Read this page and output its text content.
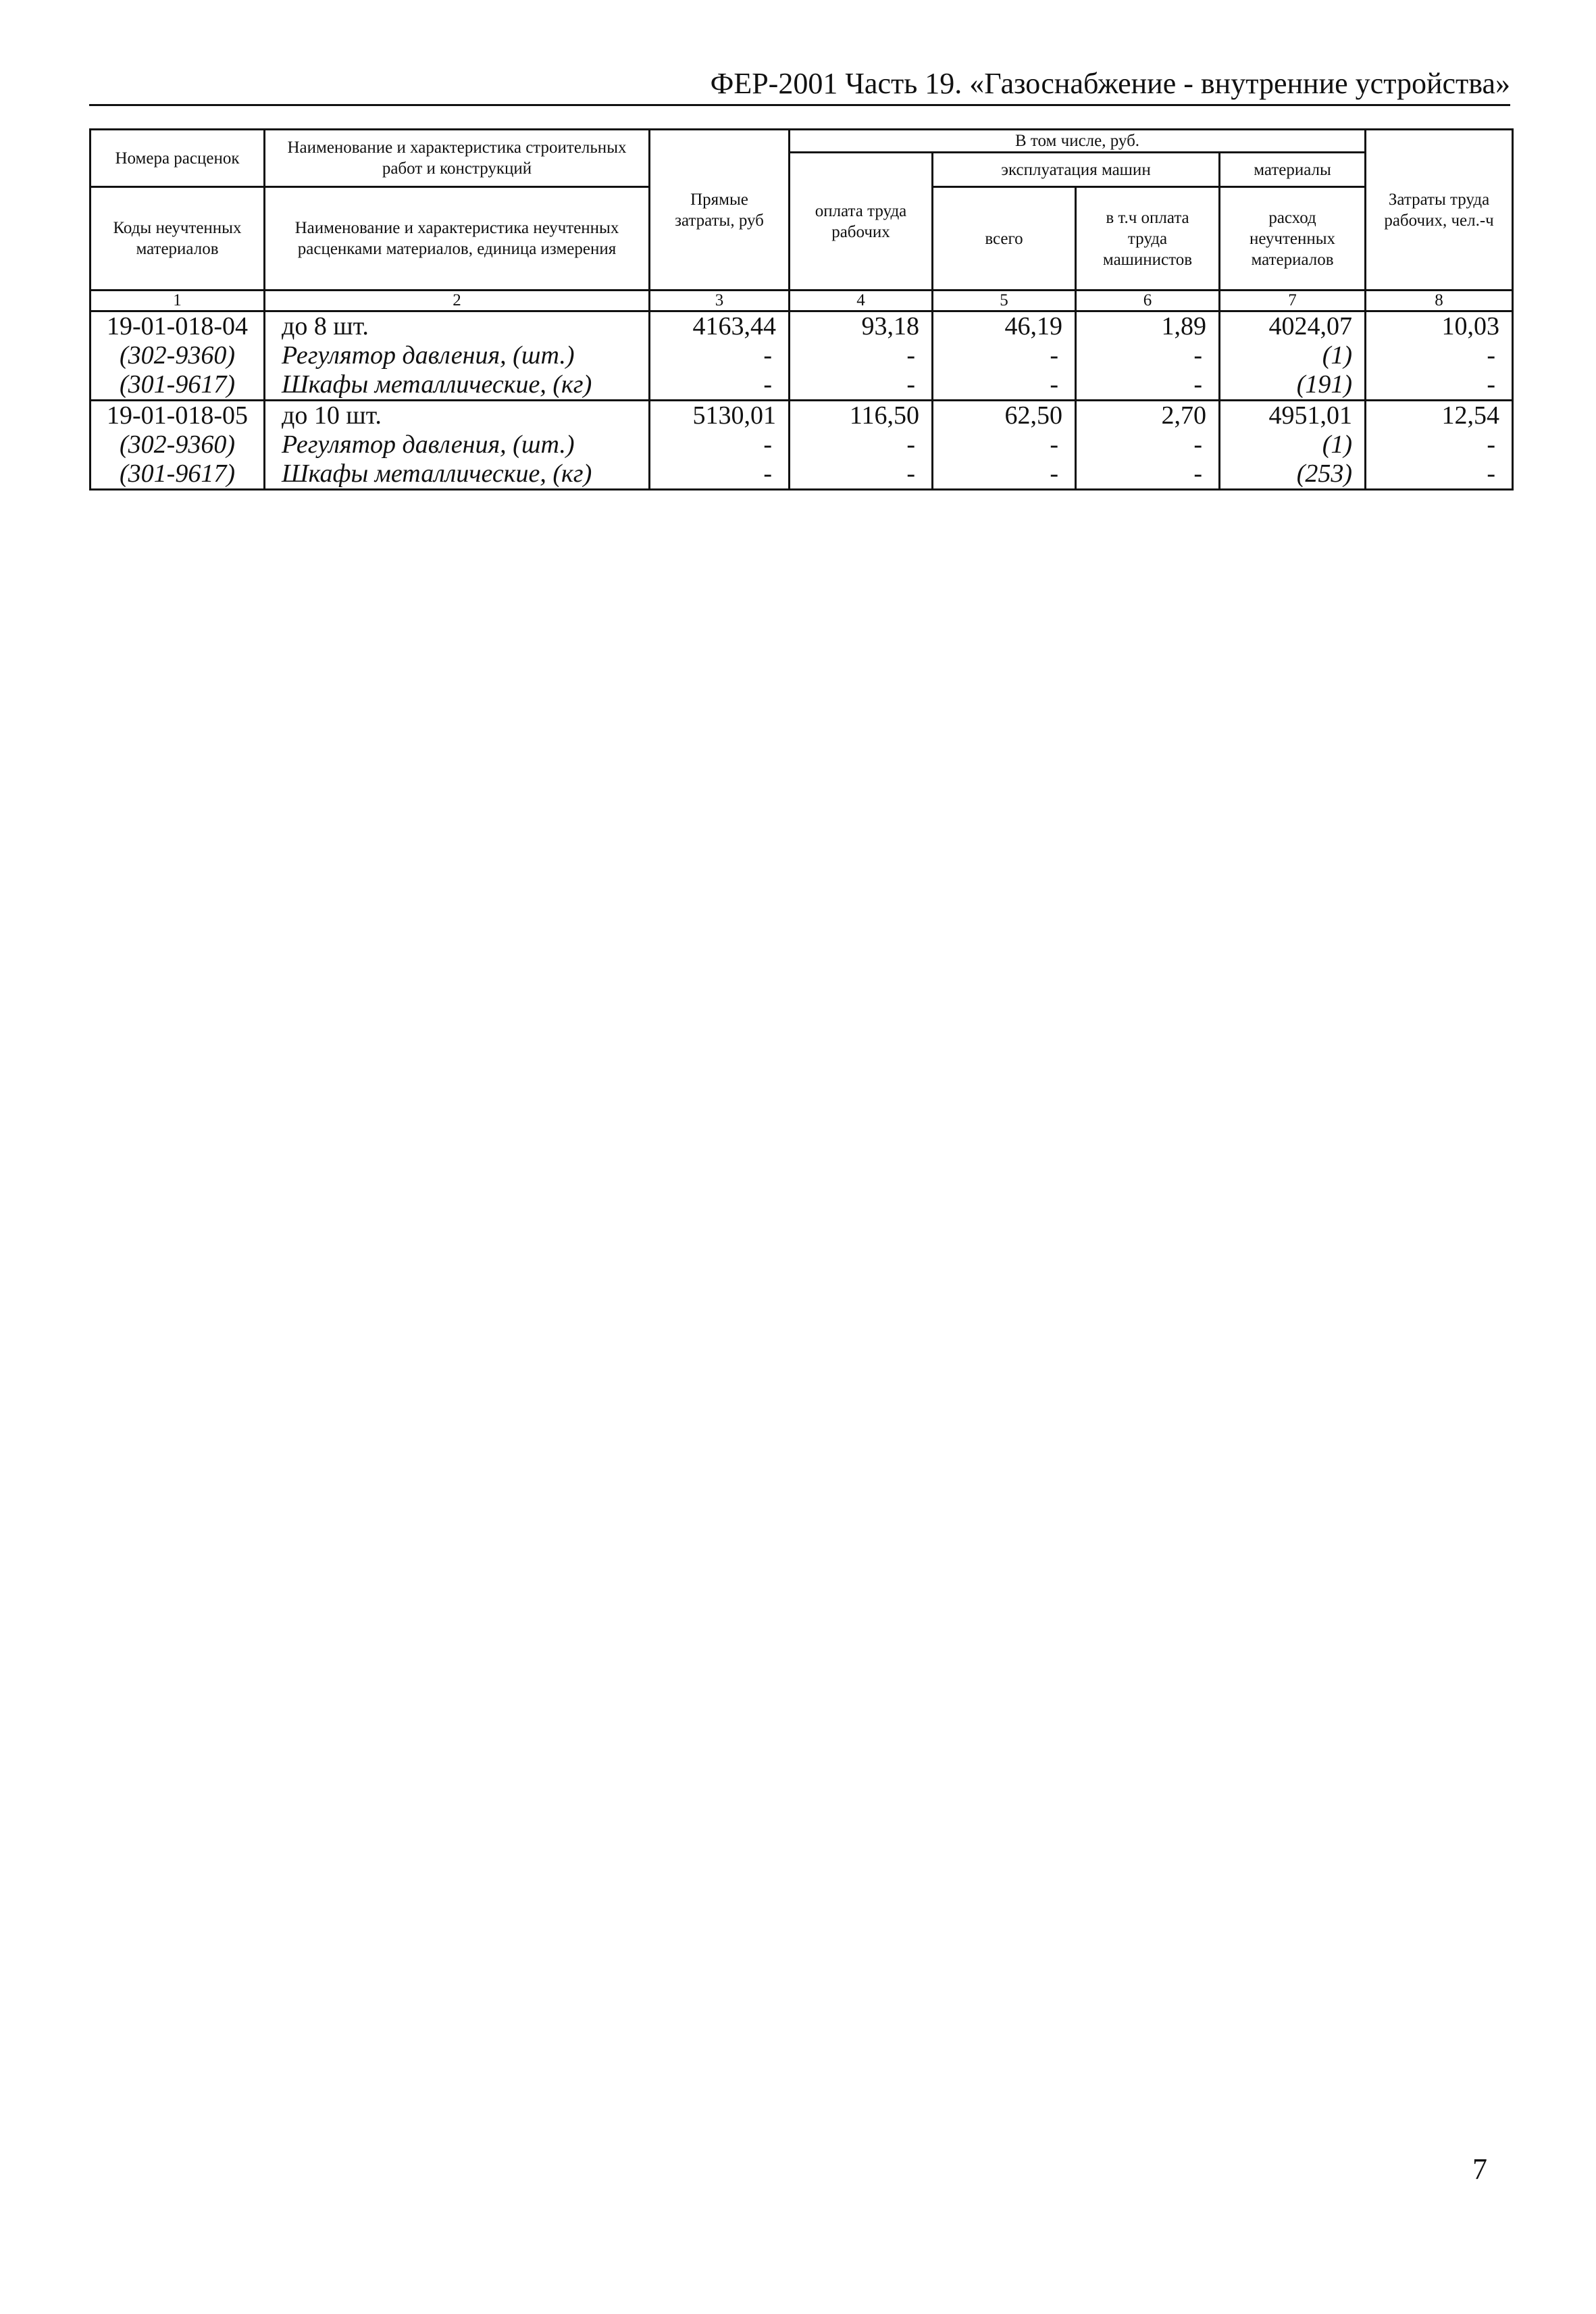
ФЕР-2001 Часть 19. «Газоснабжение - внутренние устройства»
Номера расценок	Наименование и характеристика строительных работ и конструкций	Прямые затраты, руб	В том числе, руб.				Затраты труда рабочих, чел.-ч
			оплата труда рабочих	эксплуатация машин		материалы	
Коды неучтенных материалов	Наименование и характеристика неучтенных расценками материалов, единица измерения			всего	в т.ч оплата труда машинистов	расход неучтенных материалов	

1	2	3	4	5	6	7	8
19-01-018-04	до 8 шт.	4163,44	93,18	46,19	1,89	4024,07	10,03
(302-9360)	Регулятор давления, (шт.)	-	-	-	-	(1)	-
(301-9617)	Шкафы металлические, (кг)	-	-	-	-	(191)	-
19-01-018-05	до 10 шт.	5130,01	116,50	62,50	2,70	4951,01	12,54
(302-9360)	Регулятор давления, (шт.)	-	-	-	-	(1)	-
(301-9617)	Шкафы металлические, (кг)	-	-	-	-	(253)	-
7
